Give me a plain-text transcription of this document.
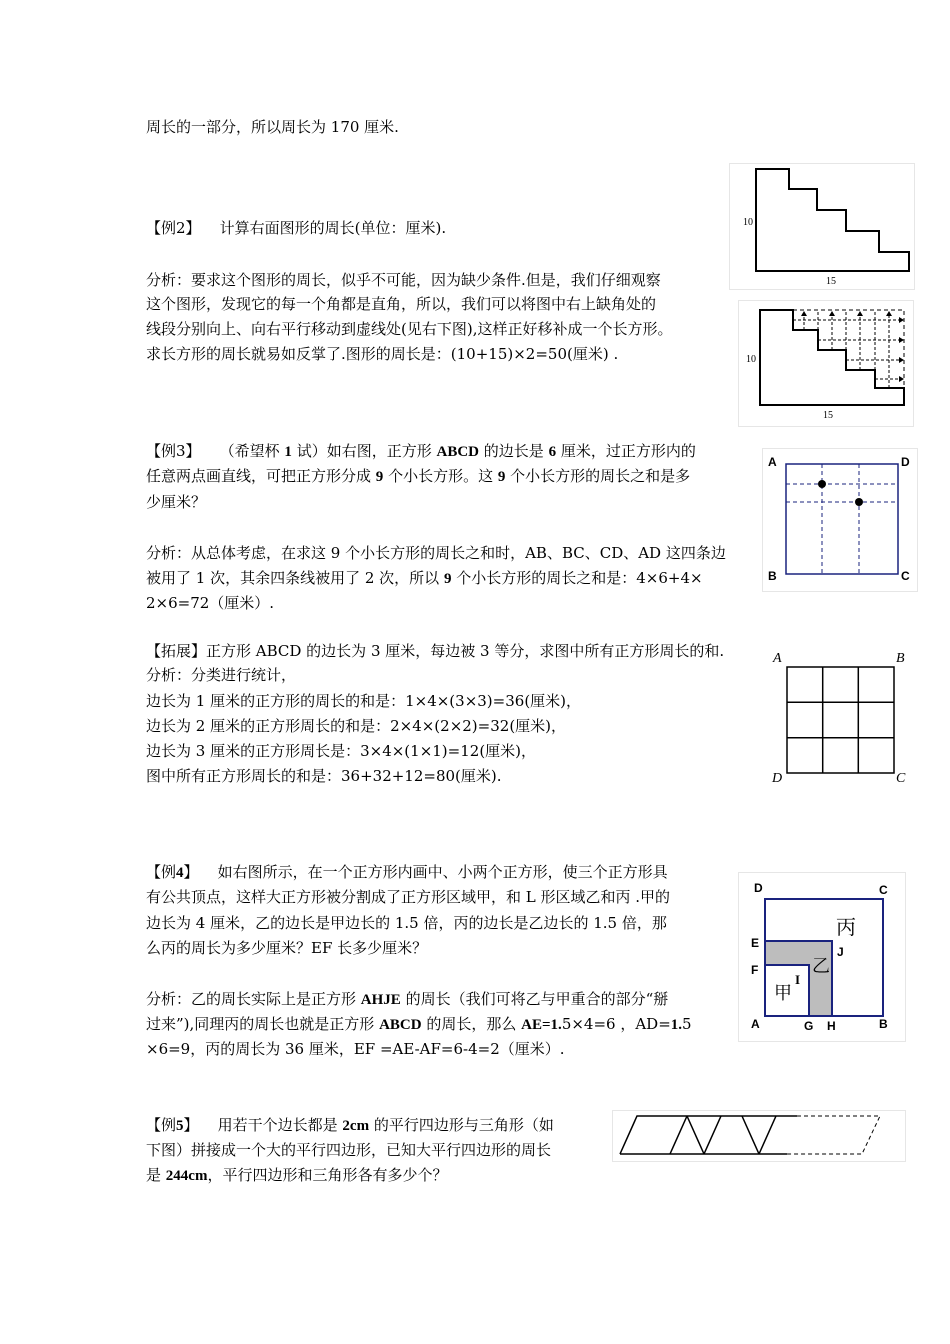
周长的一部分，所以周长为 170 厘米.
【例2】 计算右面图形的周长(单位：厘米).
分析：要求这个图形的周长，似乎不可能，因为缺少条件.但是，我们仔细观察
这个图形，发现它的每一个角都是直角，所以，我们可以将图中右上缺角处的
线段分别向上、向右平行移动到虚线处(见右下图),这样正好移补成一个长方形。
求长方形的周长就易如反掌了.图形的周长是：(10+15)×2=50(厘米) .
10
15
10
15
【例3】 （希望杯 1 试）如右图，正方形 ABCD 的边长是 6 厘米，过正方形内的
任意两点画直线，可把正方形分成 9 个小长方形。这 9 个小长方形的周长之和是多
少厘米？
分析：从总体考虑，在求这 9 个小长方形的周长之和时，AB、BC、CD、AD 这四条边
被用了 1 次，其余四条线被用了 2 次，所以 9 个小长方形的周长之和是：4×6+4×
2×6=72（厘米）.
A	D
B	C
【拓展】正方形 ABCD 的边长为 3 厘米，每边被 3 等分，求图中所有正方形周长的和.
分析：分类进行统计，
边长为 1 厘米的正方形的周长的和是：1×4×(3×3)=36(厘米)，
边长为 2 厘米的正方形周长的和是：2×4×(2×2)=32(厘米)，
边长为 3 厘米的正方形周长是：3×4×(1×1)=12(厘米)，
图中所有正方形周长的和是：36+32+12=80(厘米).
A	B
D	C
【例4】 如右图所示，在一个正方形内画中、小两个正方形，使三个正方形具
有公共顶点，这样大正方形被分割成了正方形区域甲，和 L 形区域乙和丙 .甲的
边长为 4 厘米，乙的边长是甲边长的 1.5 倍，丙的边长是乙边长的 1.5 倍，那
么丙的周长为多少厘米？EF 长多少厘米？
分析：乙的周长实际上是正方形 AHJE 的周长（我们可将乙与甲重合的部分“掰
过来”),同理丙的周长也就是正方形 ABCD 的周长，那么 AE=1.5×4=6 ，AD=1.5
×6=9，丙的周长为 36 厘米，EF =AE-AF=6-4=2（厘米）.
D	C
E
F
J
A	G H	B
I
丙
乙
甲
【例5】 用若干个边长都是 2cm 的平行四边形与三角形（如
下图）拼接成一个大的平行四边形，已知大平行四边形的周长
是 244cm，平行四边形和三角形各有多少个？
